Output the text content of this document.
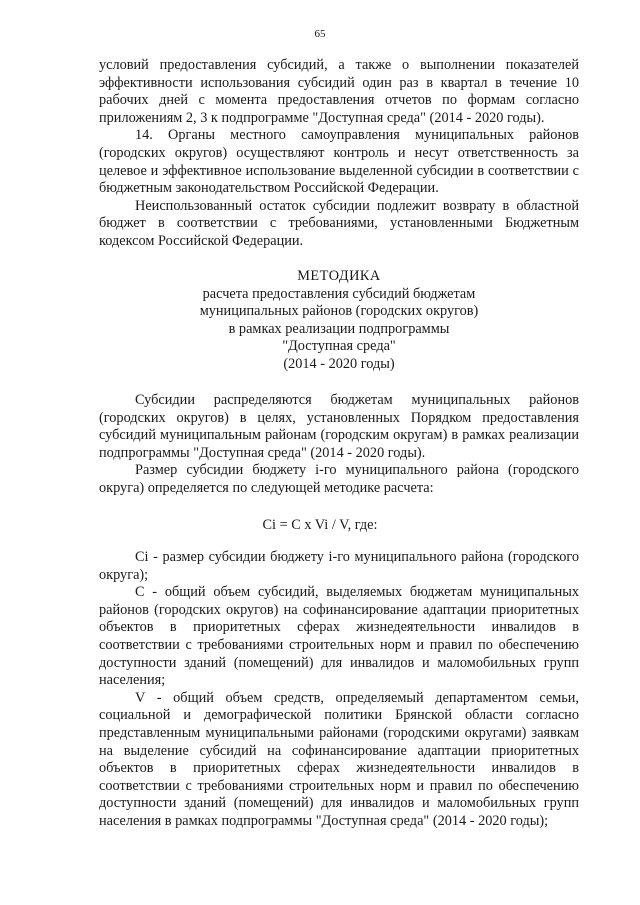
65

условий предоставления субсидий, а также о выполнении показателей эффективности использования субсидий один раз в квартал в течение 10 рабочих дней с момента предоставления отчетов по формам согласно приложениям 2, 3 к подпрограмме "Доступная среда" (2014 - 2020 годы).

14. Органы местного самоуправления муниципальных районов (городских округов) осуществляют контроль и несут ответственность за целевое и эффективное использование выделенной субсидии в соответствии с бюджетным законодательством Российской Федерации.

Неиспользованный остаток субсидии подлежит возврату в областной бюджет в соответствии с требованиями, установленными Бюджетным кодексом Российской Федерации.

МЕТОДИКА
расчета предоставления субсидий бюджетам
муниципальных районов (городских округов)
в рамках реализации подпрограммы
"Доступная среда"
(2014 - 2020 годы)

Субсидии распределяются бюджетам муниципальных районов (городских округов) в целях, установленных Порядком предоставления субсидий муниципальным районам (городским округам) в рамках реализации подпрограммы "Доступная среда" (2014 - 2020 годы).

Размер субсидии бюджету i-го муниципального района (городского округа) определяется по следующей методике расчета:

Ci = C x Vi / V, где:

Ci - размер субсидии бюджету i-го муниципального района (городского округа);

С - общий объем субсидий, выделяемых бюджетам муниципальных районов (городских округов) на софинансирование адаптации приоритетных объектов в приоритетных сферах жизнедеятельности инвалидов в соответствии с требованиями строительных норм и правил по обеспечению доступности зданий (помещений) для инвалидов и маломобильных групп населения;

V - общий объем средств, определяемый департаментом семьи, социальной и демографической политики Брянской области согласно представленным муниципальными районами (городскими округами) заявкам на выделение субсидий на софинансирование адаптации приоритетных объектов в приоритетных сферах жизнедеятельности инвалидов в соответствии с требованиями строительных норм и правил по обеспечению доступности зданий (помещений) для инвалидов и маломобильных групп населения в рамках подпрограммы "Доступная среда" (2014 - 2020 годы);
